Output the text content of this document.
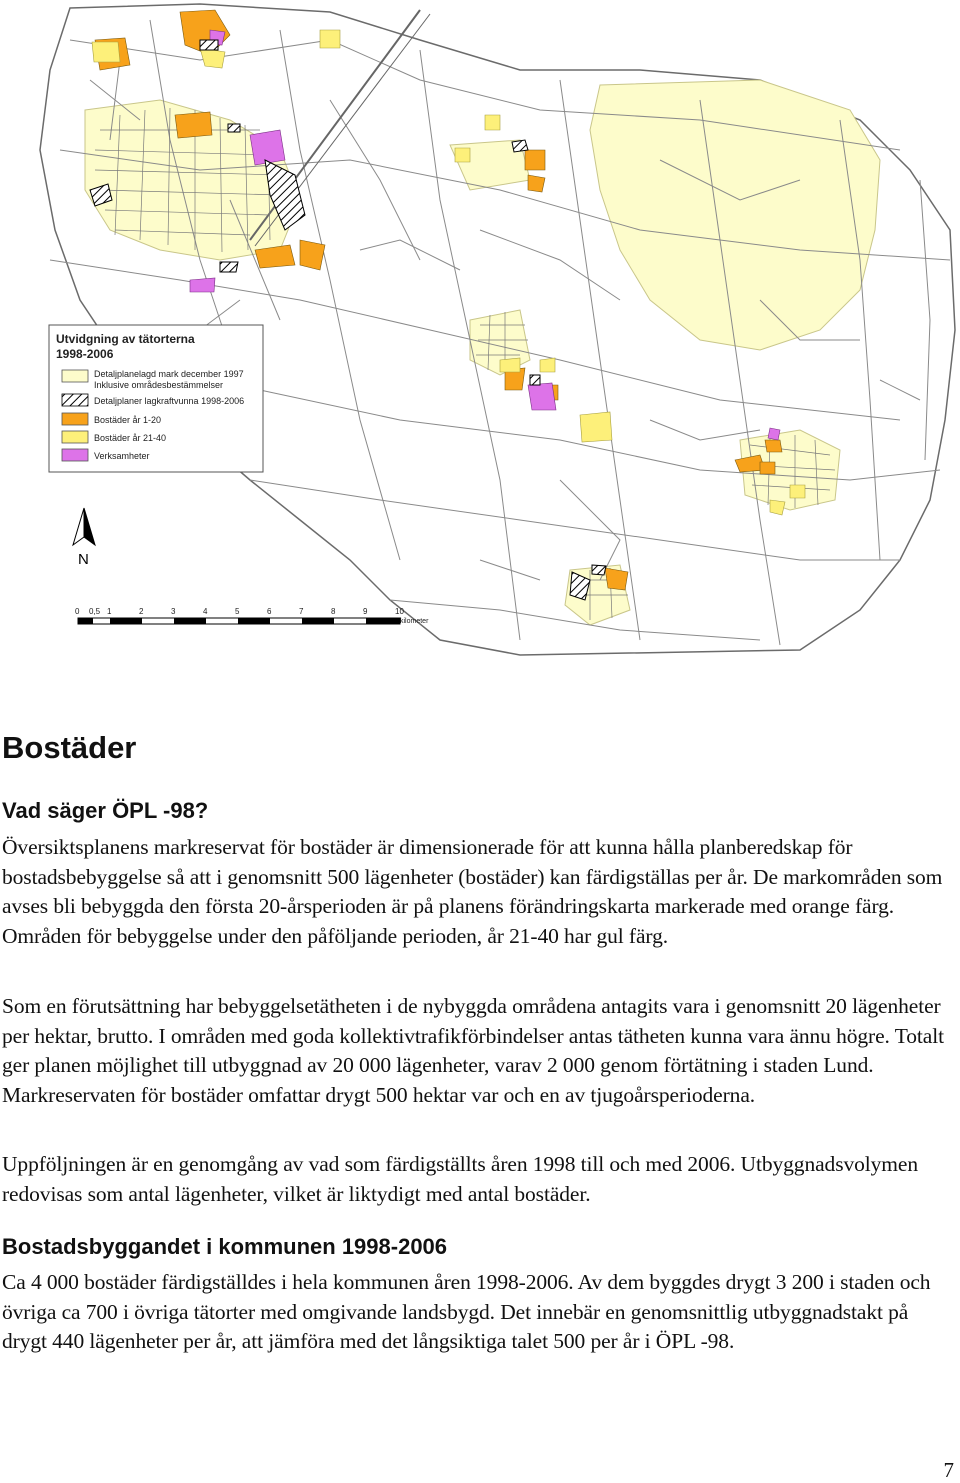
Utvidgning av tätorterna
1998-2006
Detaljplanelagd mark december 1997
Inklusive områdesbestämmelser
Detaljplaner lagkraftvunna 1998-2006
Bostäder år 1-20
Bostäder år 21-40
Verksamheter
N
0 0,5 1	2	3	4	5	6	7	8	9	10
kilometer
Bostäder
Vad säger ÖPL -98?

Översiktsplanens markreservat för bostäder är dimensionerade för att kunna hålla planberedskap för bostadsbebyggelse så att i genomsnitt 500 lägenheter (bostäder) kan färdigställas per år. De markområden som avses bli bebyggda den första 20-årsperioden är på planens förändringskarta markerade med orange färg. Områden för bebyggelse under den påföljande perioden, år 21-40 har gul färg.

Som en förutsättning har bebyggelsetätheten i de nybyggda områdena antagits vara i genomsnitt 20 lägenheter per hektar, brutto. I områden med goda kollektivtrafikförbindelser antas tätheten kunna vara ännu högre. Totalt ger planen möjlighet till utbyggnad av 20 000 lägenheter, varav 2 000 genom förtätning i staden Lund. Markreservaten för bostäder omfattar drygt 500 hektar var och en av tjugoårsperioderna.

Uppföljningen är en genomgång av vad som färdigställts åren 1998 till och med 2006. Utbyggnadsvolymen redovisas som antal lägenheter, vilket är liktydigt med antal bostäder.

Bostadsbyggandet i kommunen 1998-2006

Ca 4 000 bostäder färdigställdes i hela kommunen åren 1998-2006. Av dem byggdes drygt 3 200 i staden och övriga ca 700 i övriga tätorter med omgivande landsbygd. Det innebär en genomsnittlig utbyggnadstakt på drygt 440 lägenheter per år, att jämföra med det långsiktiga talet 500 per år i ÖPL -98.

7
